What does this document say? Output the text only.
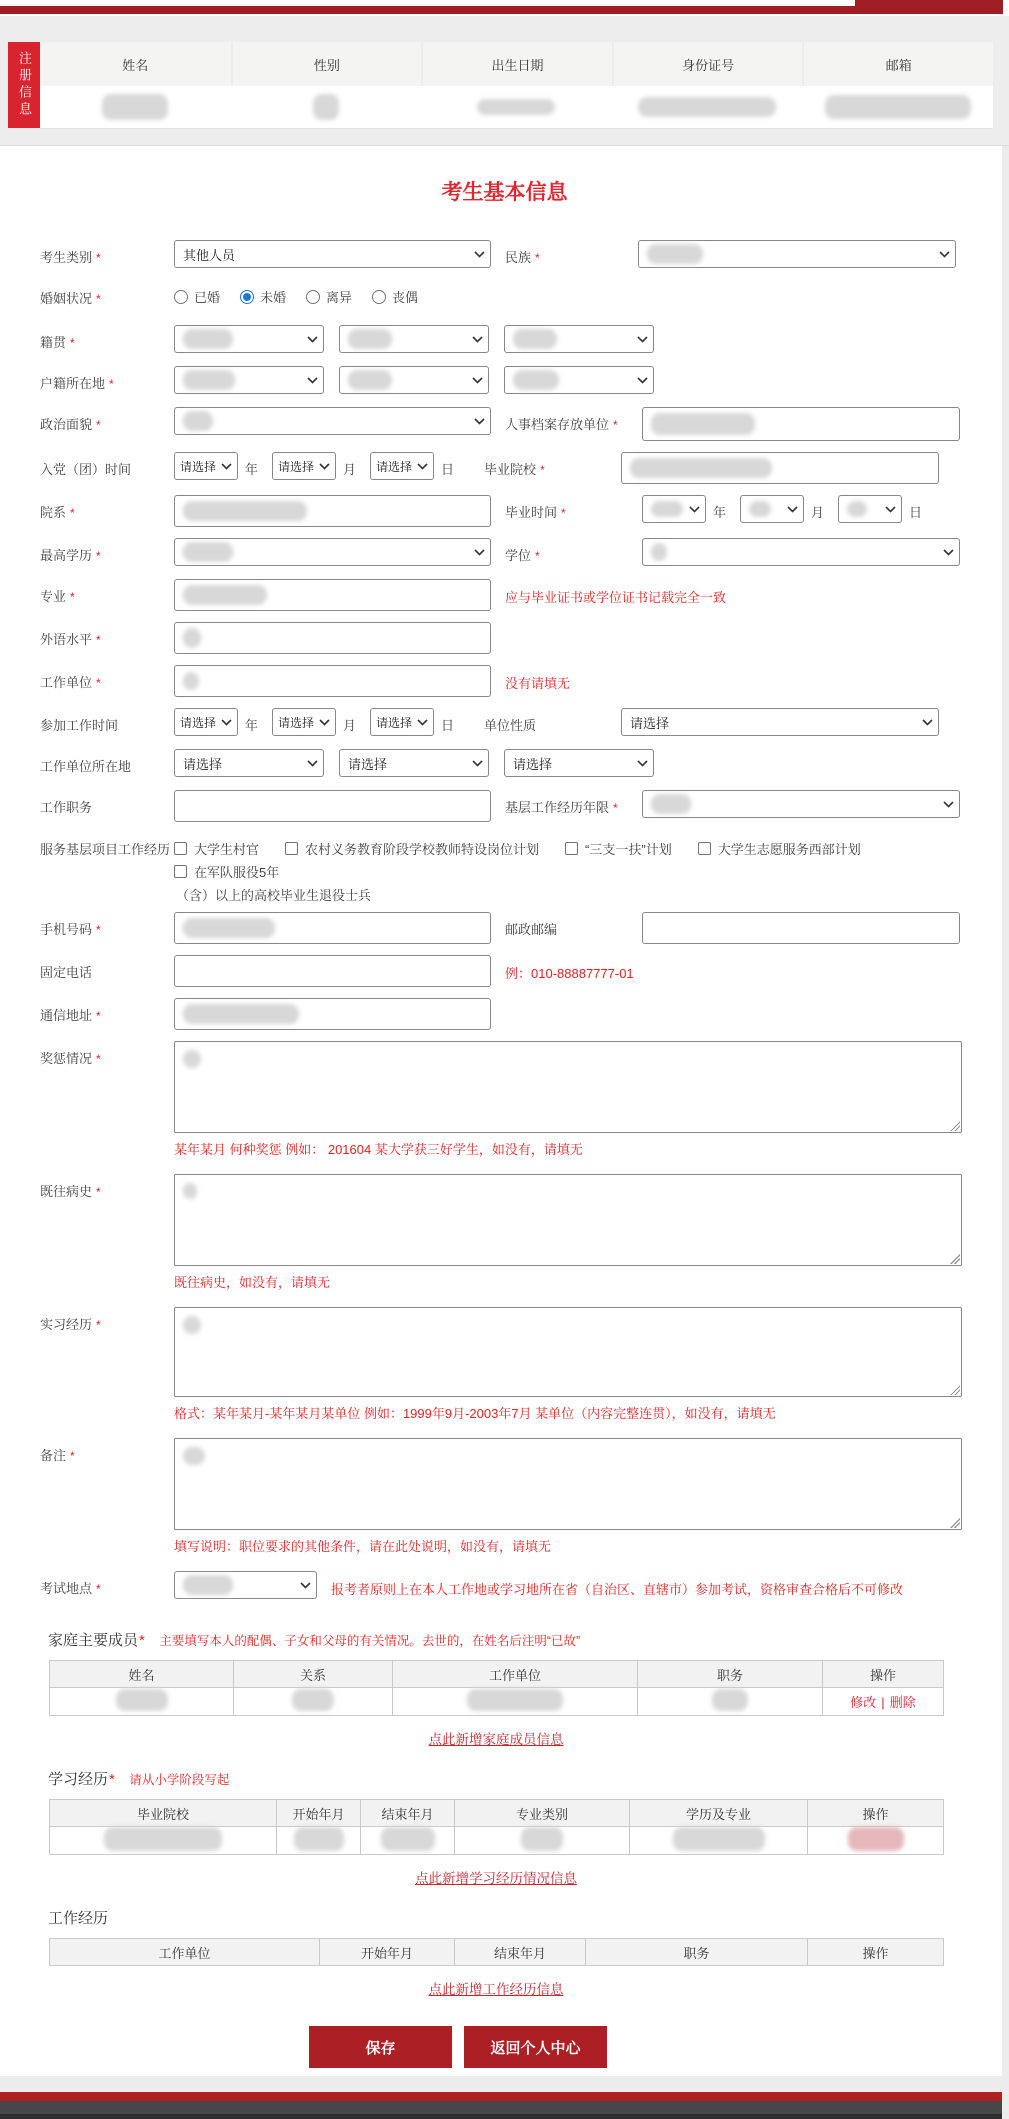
注册信息	姓名	性别	出生日期	身份证号	邮箱
考生基本信息
考生类别 *	其他人员	民族 *
婚姻状况 *	已婚	未婚	离异	丧偶
籍贯 *
户籍所在地 *
政治面貌 *	人事档案存放单位 *
入党（团）时间	请选择 年 请选择 月 请选择 日 毕业院校 *
院系 *	毕业时间 *	年	月	日
最高学历 *	学位 *
专业 *	应与毕业证书或学位证书记载完全一致
外语水平 *
工作单位 *	没有请填无
参加工作时间	请选择 年 请选择 月 请选择 日 单位性质	请选择
工作单位所在地	请选择	请选择	请选择
工作职务	基层工作经历年限 *
服务基层项目工作经历	大学生村官	农村义务教育阶段学校教师特设岗位计划	“三支一扶”计划	大学生志愿服务西部计划
在军队服役5年
（含）以上的高校毕业生退役士兵
手机号码 *	邮政邮编
固定电话	例：010-88887777-01
通信地址 *
奖惩情况 *
某年某月 何种奖惩 例如： 201604 某大学获三好学生，如没有，请填无
既往病史 *
既往病史，如没有，请填无
实习经历 *
格式：某年某月-某年某月某单位 例如：1999年9月-2003年7月 某单位（内容完整连贯），如没有，请填无
备注 *
填写说明：职位要求的其他条件，请在此处说明，如没有，请填无
考试地点 *	报考者原则上在本人工作地或学习地所在省（自治区、直辖市）参加考试，资格审查合格后不可修改
家庭主要成员 * 主要填写本人的配偶、子女和父母的有关情况。去世的，在姓名后注明“已故”
姓名	关系	工作单位	职务	操作
				修改 | 删除
点此新增家庭成员信息
学习经历 * 请从小学阶段写起
毕业院校	开始年月	结束年月	专业类别	学历及专业	操作

点此新增学习经历情况信息
工作经历
工作单位	开始年月	结束年月	职务	操作
点此新增工作经历信息
保存	返回个人中心
